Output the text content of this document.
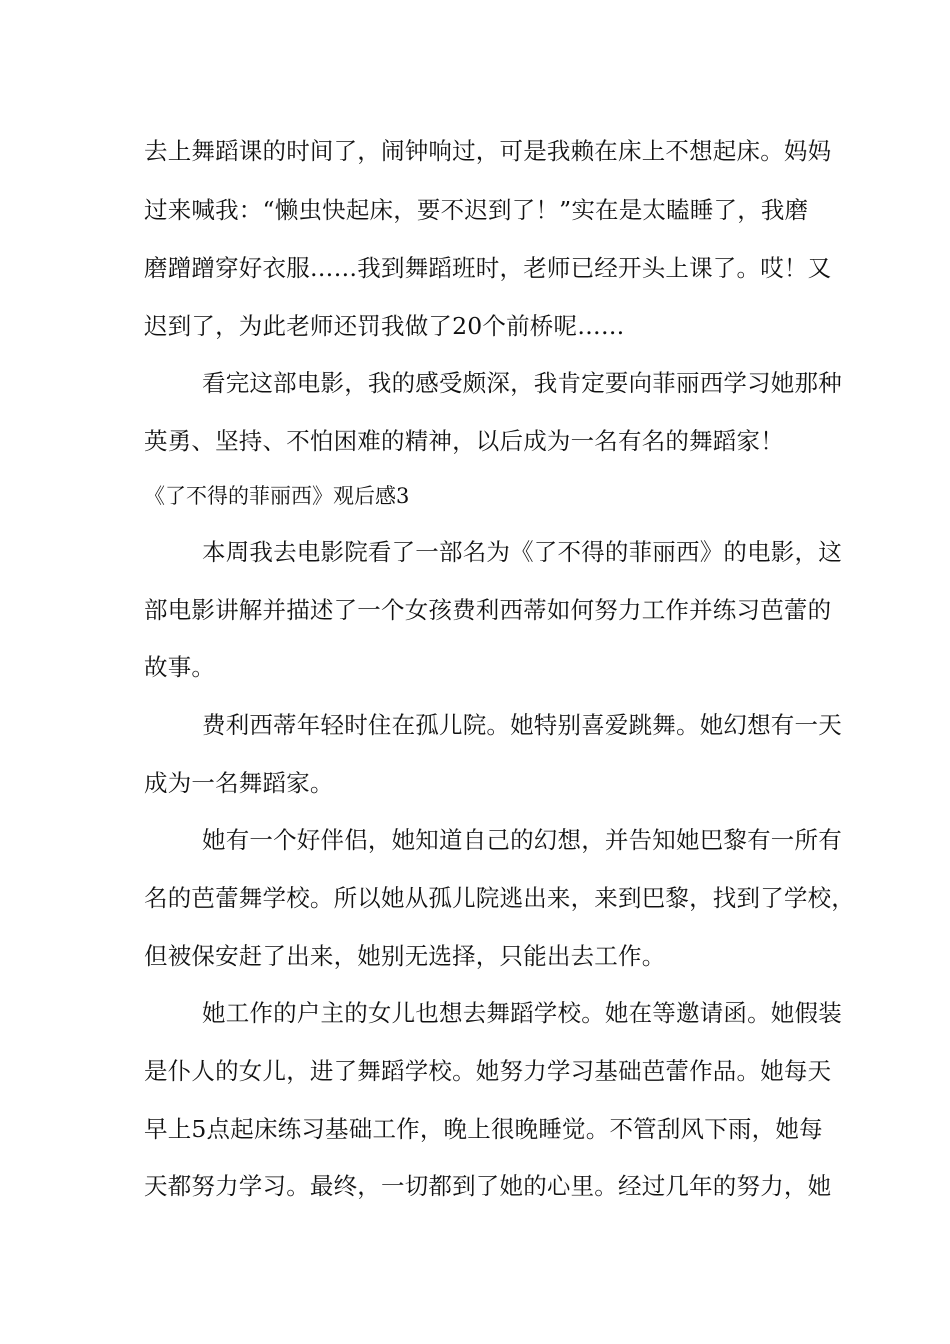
去上舞蹈课的时间了，闹钟响过，可是我赖在床上不想起床。妈妈
过来喊我：“懒虫快起床，要不迟到了！”实在是太瞌睡了，我磨
磨蹭蹭穿好衣服……我到舞蹈班时，老师已经开头上课了。哎！又
迟到了，为此老师还罚我做了20个前桥呢……
看完这部电影，我的感受颇深，我肯定要向菲丽西学习她那种
英勇、坚持、不怕困难的精神，以后成为一名有名的舞蹈家！
《了不得的菲丽西》观后感3
本周我去电影院看了一部名为《了不得的菲丽西》的电影，这
部电影讲解并描述了一个女孩费利西蒂如何努力工作并练习芭蕾的
故事。
费利西蒂年轻时住在孤儿院。她特别喜爱跳舞。她幻想有一天
成为一名舞蹈家。
她有一个好伴侣，她知道自己的幻想，并告知她巴黎有一所有
名的芭蕾舞学校。所以她从孤儿院逃出来，来到巴黎，找到了学校，
但被保安赶了出来，她别无选择，只能出去工作。
她工作的户主的女儿也想去舞蹈学校。她在等邀请函。她假装
是仆人的女儿，进了舞蹈学校。她努力学习基础芭蕾作品。她每天
早上5点起床练习基础工作，晚上很晚睡觉。不管刮风下雨，她每
天都努力学习。最终，一切都到了她的心里。经过几年的努力，她
